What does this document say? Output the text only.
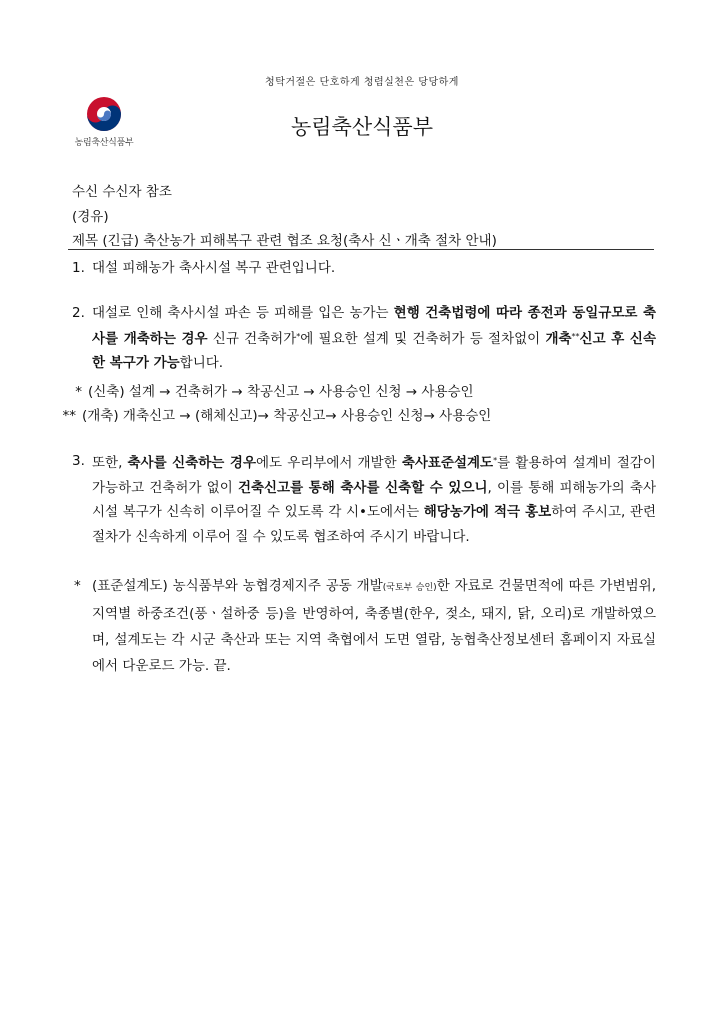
청탁거절은 단호하게 청렴실천은 당당하게
농림축산식품부
농림축산식품부
수신 수신자 참조
(경유)
제목 (긴급) 축산농가 피해복구 관련 협조 요청(축사 신ㆍ개축 절차 안내)
1. 대설 피해농가 축사시설 복구 관련입니다.
2. 대설로 인해 축사시설 파손 등 피해를 입은 농가는 현행 건축법령에 따라 종전과 동일규모로 축사를 개축하는 경우 신규 건축허가*에 필요한 설계 및 건축허가 등 절차없이 개축**신고 후 신속한 복구가 가능합니다.
* (신축) 설계 → 건축허가 → 착공신고 → 사용승인 신청 → 사용승인
** (개축) 개축신고 → (해체신고)→ 착공신고→ 사용승인 신청→ 사용승인
3. 또한, 축사를 신축하는 경우에도 우리부에서 개발한 축사표준설계도*를 활용하여 설계비 절감이 가능하고 건축허가 없이 건축신고를 통해 축사를 신축할 수 있으니, 이를 통해 피해농가의 축사시설 복구가 신속히 이루어질 수 있도록 각 시•도에서는 해당농가에 적극 홍보하여 주시고, 관련 절차가 신속하게 이루어 질 수 있도록 협조하여 주시기 바랍니다.
* (표준설계도) 농식품부와 농협경제지주 공동 개발(국토부 승인)한 자료로 건물면적에 따른 가변범위, 지역별 하중조건(풍ㆍ설하중 등)을 반영하여, 축종별(한우, 젖소, 돼지, 닭, 오리)로 개발하였으며, 설계도는 각 시군 축산과 또는 지역 축협에서 도면 열람, 농협축산정보센터 홈페이지 자료실에서 다운로드 가능. 끝.
